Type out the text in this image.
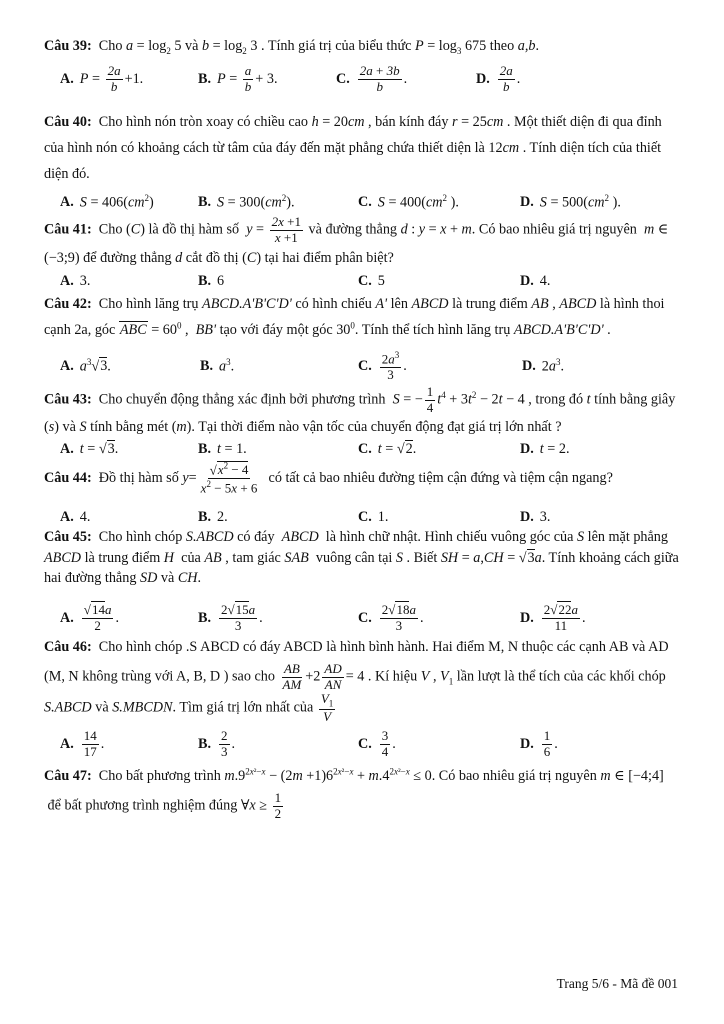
Câu 39:  Cho $a = \log_2 5$ và $b = \log_2 3$ . Tính giá trị của biểu thức $P = \log_3 675$ theo a,b.
A. $P = \frac{2a}{b} +1$.	B. $P = \frac{a}{b} + 3$.	C. $\frac{2a + 3b}{b}$ .	D. $\frac{2a}{b}$ .
Câu 40:  Cho hình nón tròn xoay có chiều cao h = 20cm , bán kính đáy r = 25cm . Một thiết diện đi qua đỉnh của hình nón có khoảng cách từ tâm của đáy đến mặt phẳng chứa thiết diện là 12cm . Tính diện tích của thiết diện đó.
A. $S = 406(cm^2)$	B. $S = 300(cm^2)$.	C. $S = 400(cm^2$ ).	D. $S = 500(cm^2$ ).
Câu 41:  Cho (C) là đồ thị hàm số  $y = \frac{2x +1}{x +1}$ và đường thẳng d : y = x + m. Có bao nhiêu giá trị nguyên  m ∈ (−3;9) để đường thẳng d cắt đồ thị (C) tại hai điểm phân biệt?
A. 3.	B. 6	C. 5	D. 4.
Câu 42:  Cho hình lăng trụ ABCD.A'B'C'D' có hình chiếu A' lên ABCD là trung điểm AB , ABCD là hình thoi cạnh 2a, góc ABC = $60^0$ ,  BB' tạo với đáy một góc $30^0$. Tính thể tích hình lăng trụ ABCD.A'B'C'D' .
A. $a^3√3$.	B. $a^3$.	C. $\frac{2a^3}{3}$ .	D. $2a^3$.
Câu 43:  Cho chuyển động thẳng xác định bởi phương trình  S = − $\frac{1}{4} t^4 + 3t^2 - 2t - 4$ , trong đó t tính bằng giây (s) và S tính bằng mét (m). Tại thời điểm nào vận tốc của chuyển động đạt giá trị lớn nhất ?
A. t = √3.	B. t = 1.	C. t = √2.	D. t = 2.
Câu 44:  Đồ thị hàm số $y= \frac{√x^2 - 4}{x^2 - 5x + 6}$ có tất cả bao nhiêu đường tiệm cận đứng và tiệm cận ngang?
A. 4.	B. 2.	C. 1.	D. 3.
Câu 45:  Cho hình chóp S.ABCD có đáy  ABCD  là hình chữ nhật. Hình chiếu vuông góc của S lên mặt phẳng ABCD là trung điểm H  của AB , tam giác SAB  vuông cân tại S . Biết SH = a,CH = √3a. Tính khoảng cách giữa hai đường thẳng SD và CH.
A. $\frac{√14a}{2}$ .	B. $\frac{2√15a}{3}$ .	C. $\frac{2√18a}{3}$ .	D. $\frac{2√22a}{11}$ .
Câu 46:  Cho hình chóp .S ABCD có đáy ABCD là hình bình hành. Hai điểm M, N thuộc các cạnh AB và AD (M, N không trùng với A, B, D ) sao cho $\frac{AB}{AM} +2 \frac{AD}{AN} = 4$ . Kí hiệu V , $V_1$ lần lượt là thể tích của các khối chóp S.ABCD và S.MBCDN. Tìm giá trị lớn nhất của $\frac{V_1}{V}$
A. $\frac{14}{17}$ .	B. $\frac{2}{3}$ .	C. $\frac{3}{4}$ .	D. $\frac{1}{6}$ .
Câu 47:  Cho bất phương trình $m.9^{2x^2-x} - (2m +1)6^{2x^2-x} + m.4^{2x^2-x} \le 0$. Có bao nhiêu giá trị nguyên m ∈ [−4;4]  để bất phương trình nghiệm đúng ∀x ≥ $\frac{1}{2}$
Trang 5/6 - Mã đề 001
